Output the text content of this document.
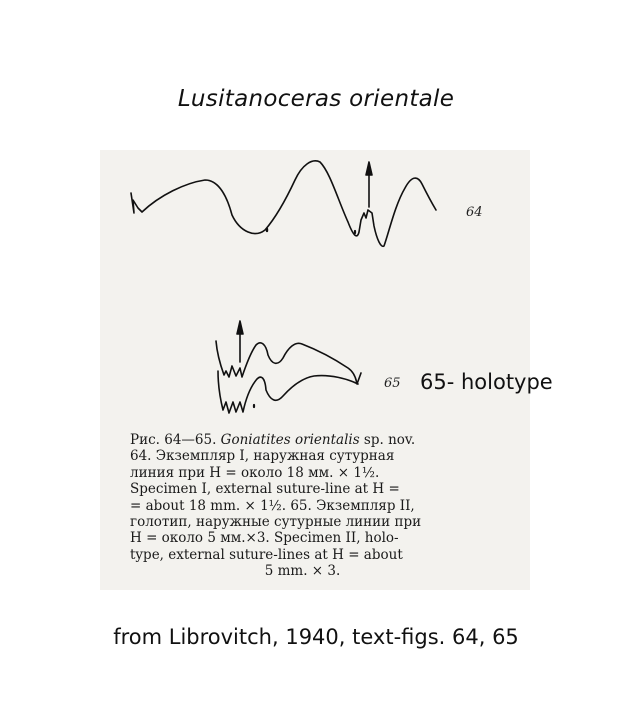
Lusitanoceras orientale
64
65 65- holotype
Рис. 64—65. Goniatites orientalis sp. nov.
64. Экземпляр I, наружная сутурная
линия при H = около 18 мм. × 1½.
Specimen I, external suture-line at H =
= about 18 mm. × 1½. 65. Экземпляр II,
голотип, наружные сутурные линии при
H = около 5 мм.×3. Specimen II, holo-
type, external suture-lines at H = about
5 mm. × 3.
from Librovitch, 1940, text-figs. 64, 65
